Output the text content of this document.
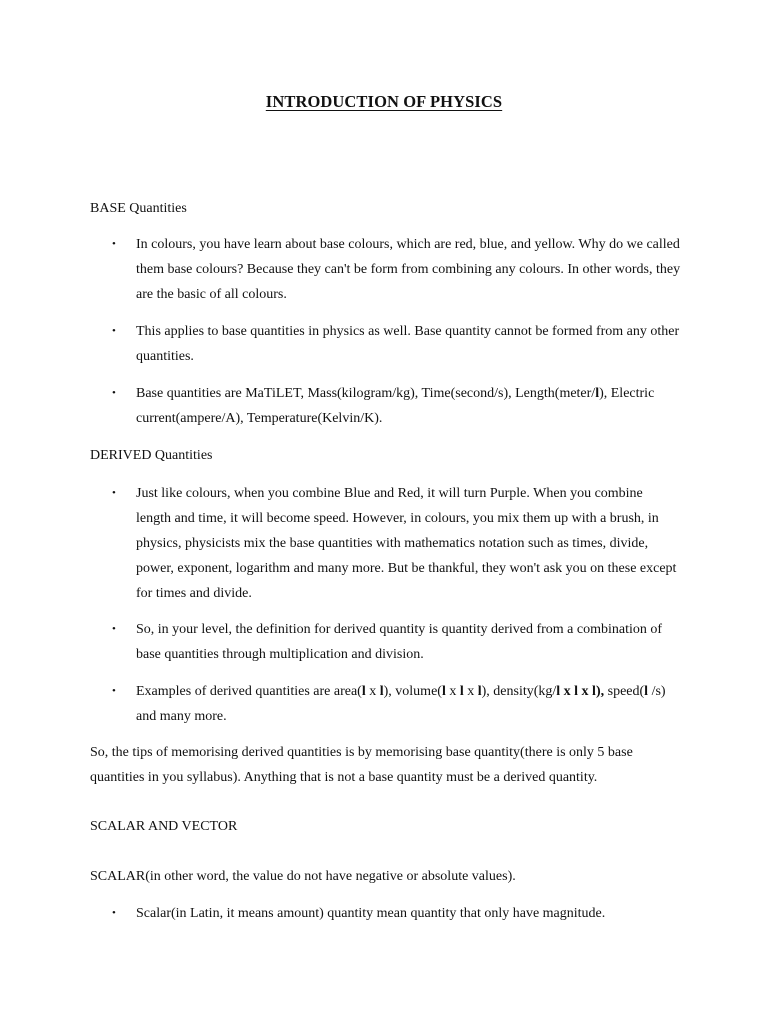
INTRODUCTION OF PHYSICS
BASE Quantities
• In colours, you have learn about base colours, which are red, blue, and yellow. Why do we called them base colours? Because they can't be form from combining any colours. In other words, they are the basic of all colours.
• This applies to base quantities in physics as well. Base quantity cannot be formed from any other quantities.
• Base quantities are MaTiLET, Mass(kilogram/kg), Time(second/s), Length(meter/l), Electric current(ampere/A), Temperature(Kelvin/K).
DERIVED Quantities
• Just like colours, when you combine Blue and Red, it will turn Purple. When you combine length and time, it will become speed. However, in colours, you mix them up with a brush, in physics, physicists mix the base quantities with mathematics notation such as times, divide, power, exponent, logarithm and many more. But be thankful, they won't ask you on these except for times and divide.
• So, in your level, the definition for derived quantity is quantity derived from a combination of base quantities through multiplication and division.
• Examples of derived quantities are area(l x l), volume(l x l x l), density(kg/l x l x l), speed(l /s) and many more.
So, the tips of memorising derived quantities is by memorising base quantity(there is only 5 base quantities in you syllabus). Anything that is not a base quantity must be a derived quantity.
SCALAR AND VECTOR
SCALAR(in other word, the value do not have negative or absolute values).
• Scalar(in Latin, it means amount) quantity mean quantity that only have magnitude.
